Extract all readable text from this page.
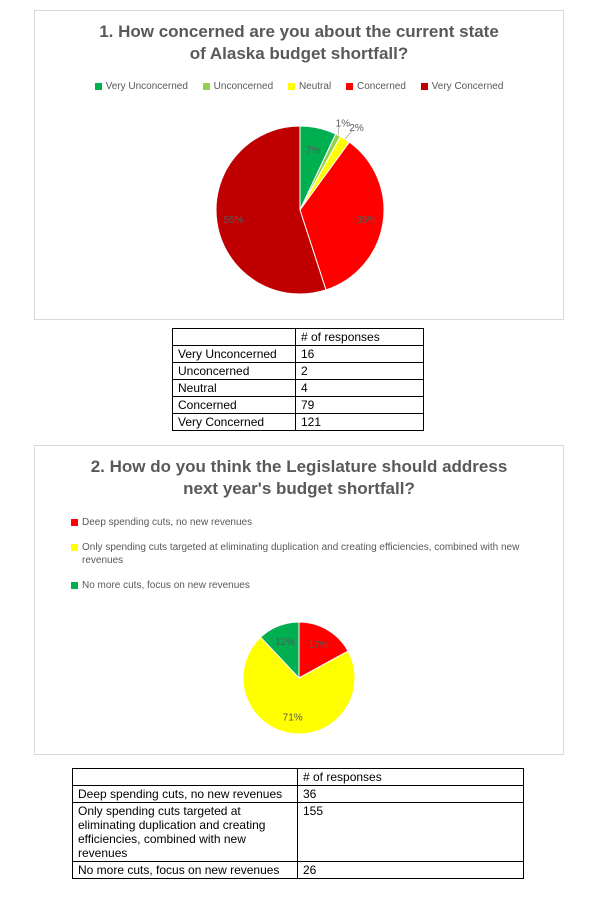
1. How concerned are you about the current state
of Alaska budget shortfall?
Very Unconcerned	Unconcerned	Neutral	Concerned	Very Concerned
7%
1% 2%
35%
55%
	# of responses
Very Unconcerned	16
Unconcerned	2
Neutral	4
Concerned	79
Very Concerned	121
2. How do you think the Legislature should address
next year's budget shortfall?
Deep spending cuts, no new revenues
Only spending cuts targeted at eliminating duplication and creating efficiencies, combined with new revenues
No more cuts, focus on new revenues
17%
71%
12%
	# of responses
Deep spending cuts, no new revenues	36
Only spending cuts targeted at eliminating duplication and creating efficiencies, combined with new revenues	155
No more cuts, focus on new revenues	26
